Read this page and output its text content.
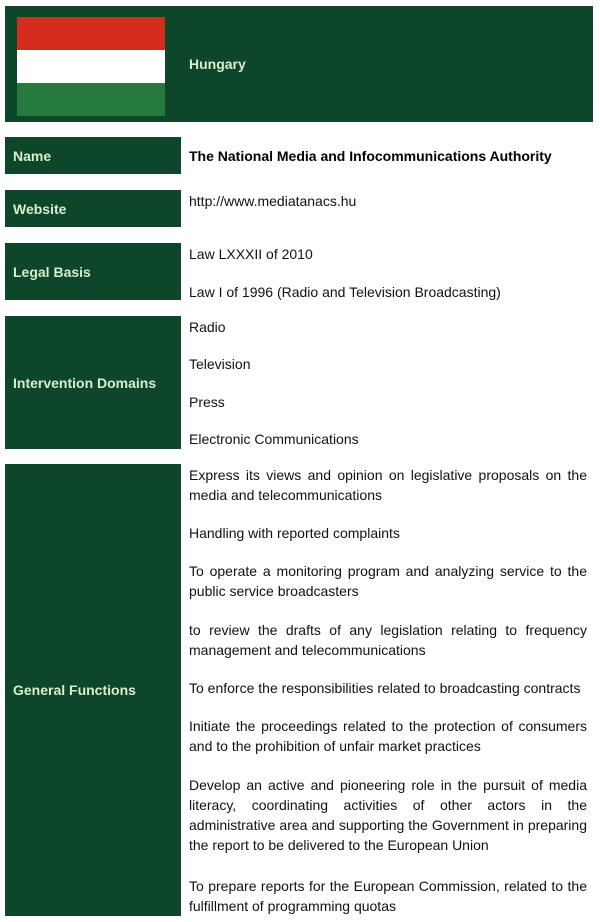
Hungary
Name	The National Media and Infocommunications Authority
Website	http://www.mediatanacs.hu
Legal Basis
Law LXXXII of 2010
Law I of 1996 (Radio and Television Broadcasting)
Intervention Domains
Radio
Television
Press
Electronic Communications
General Functions
Express its views and opinion on legislative proposals on the media and telecommunications
Handling with reported complaints
To operate a monitoring program and analyzing service to the public service broadcasters
to review the drafts of any legislation relating to frequency management and telecommunications
To enforce the responsibilities related to broadcasting contracts
Initiate the proceedings related to the protection of consumers and to the prohibition of unfair market practices
Develop an active and pioneering role in the pursuit of media literacy, coordinating activities of other actors in the administrative area and supporting the Government in preparing the report to be delivered to the European Union
To prepare reports for the European Commission, related to the fulfillment of programming quotas
